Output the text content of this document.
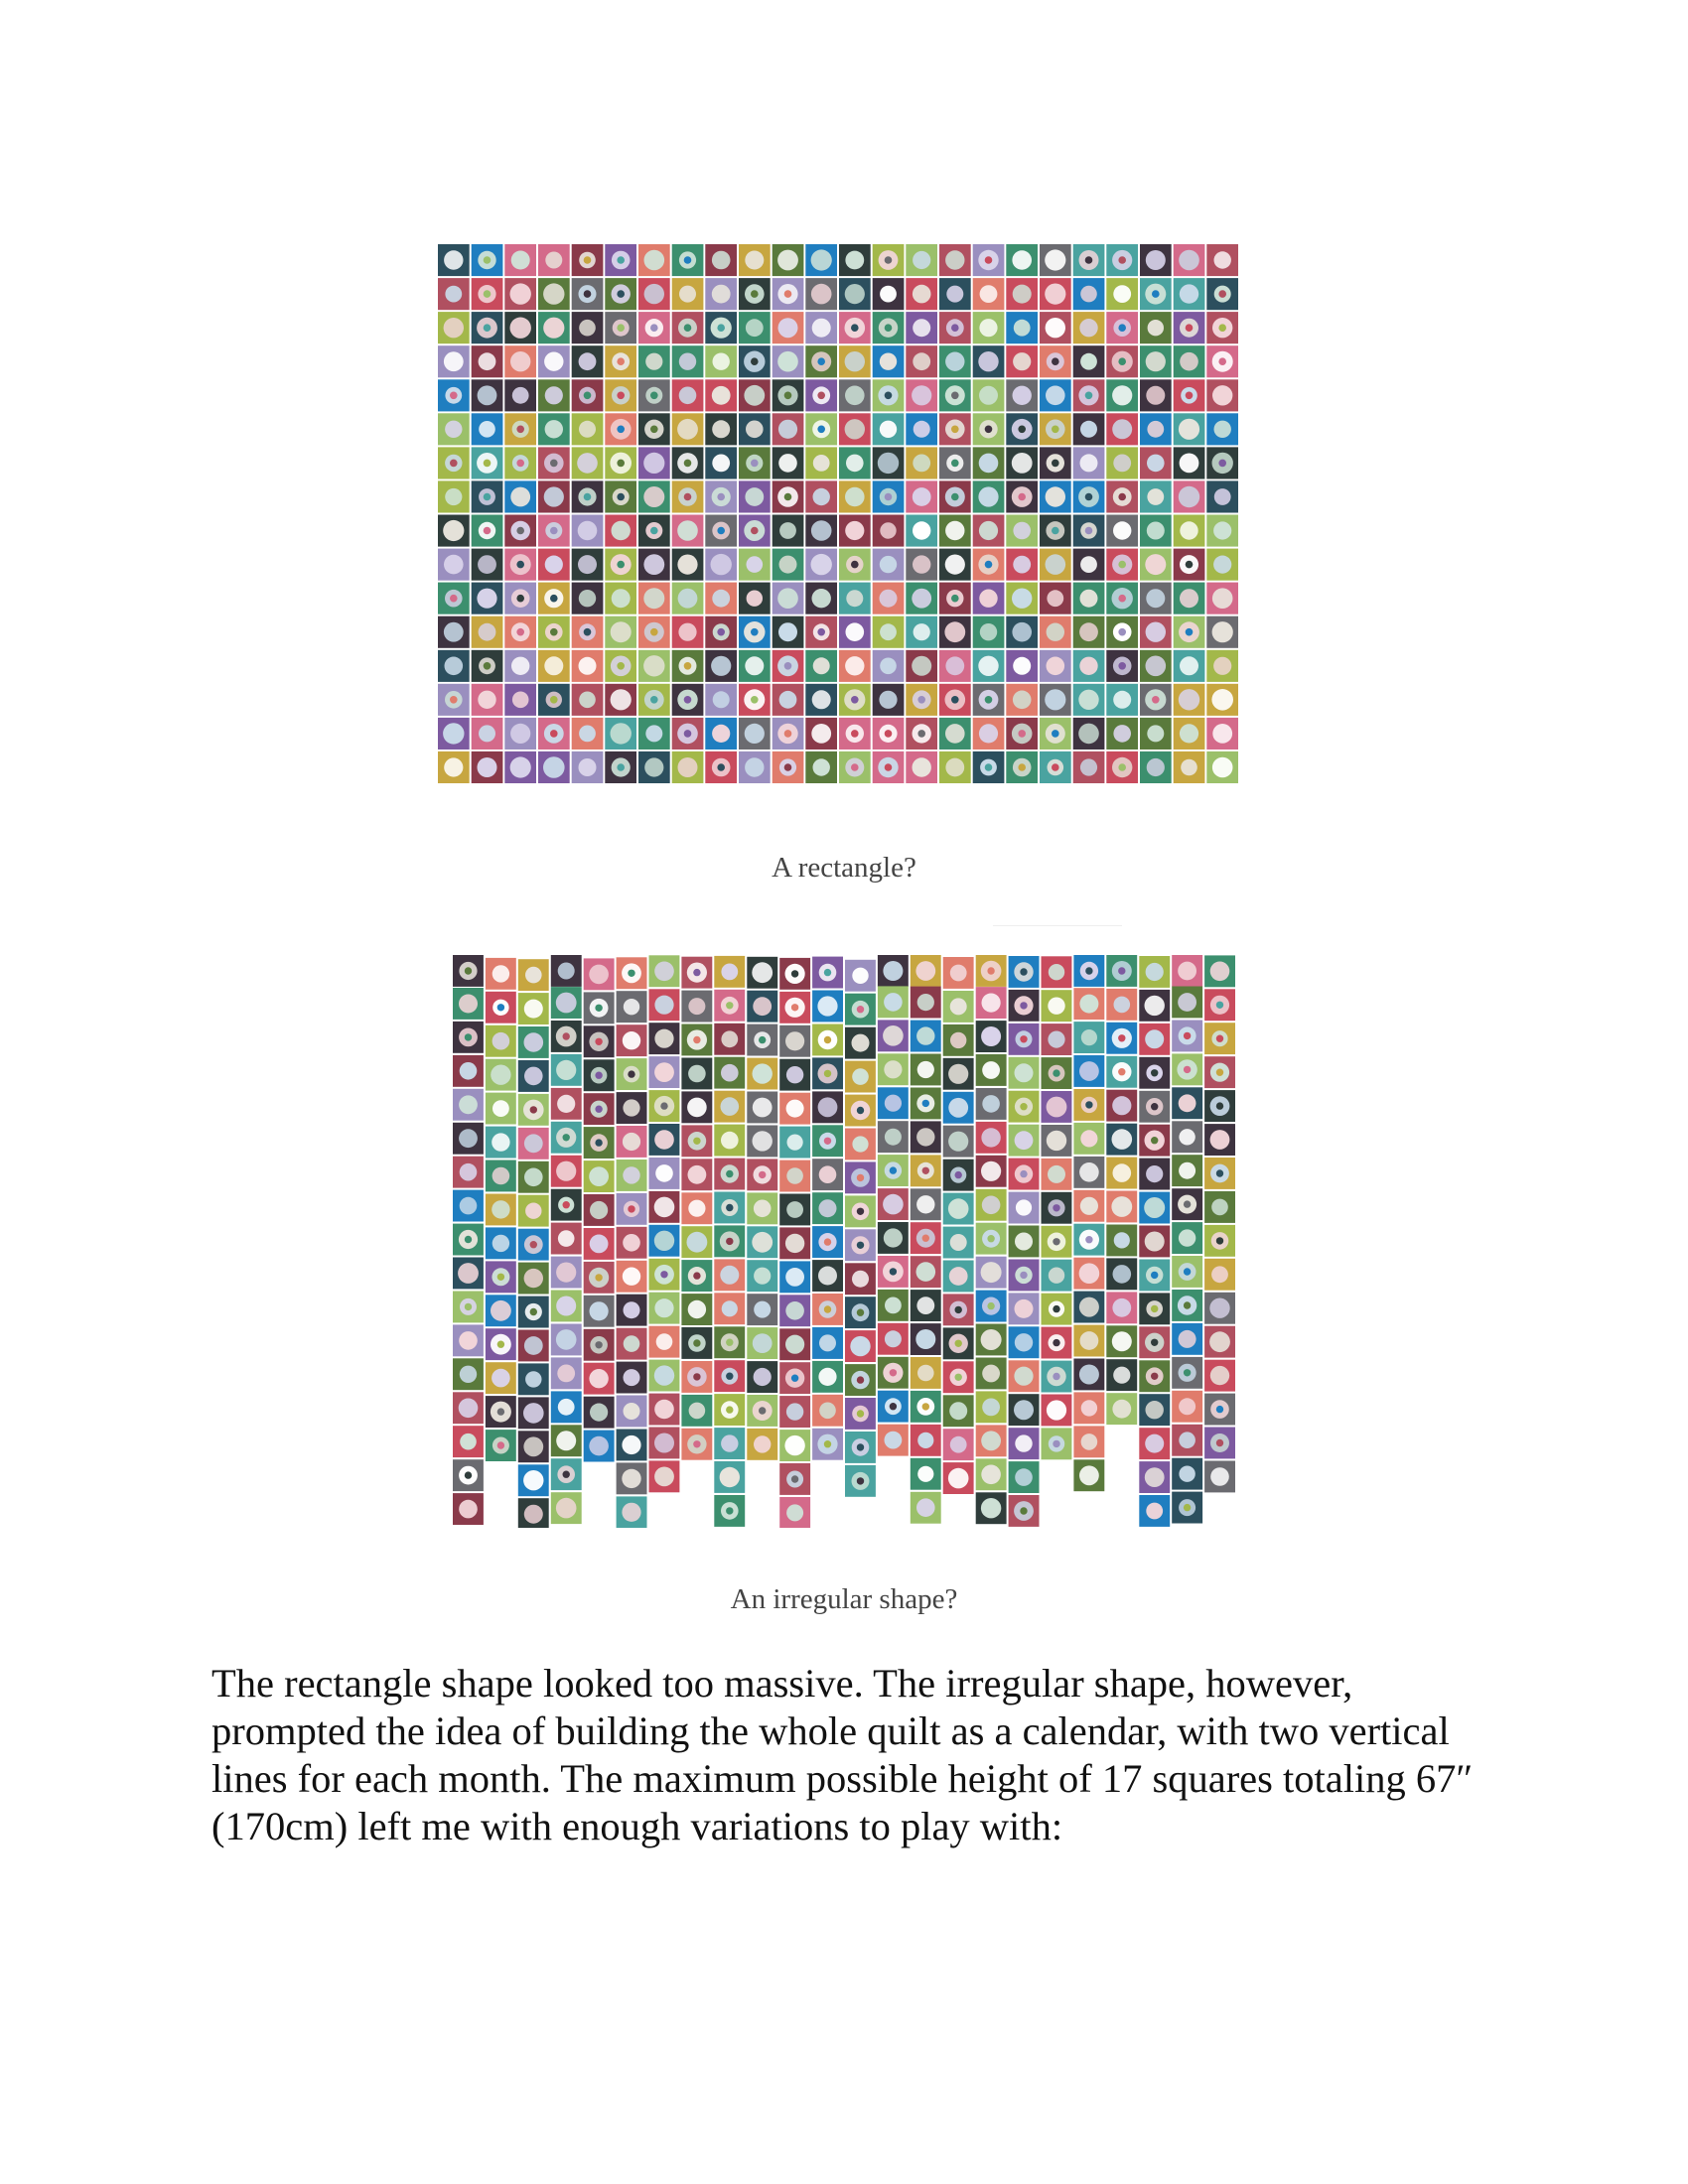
A rectangle?
An irregular shape?

The rectangle shape looked too massive. The irregular shape, however, prompted the idea of building the whole quilt as a calendar, with two vertical lines for each month. The maximum possible height of 17 squares totaling 67″ (170cm) left me with enough variations to play with:
